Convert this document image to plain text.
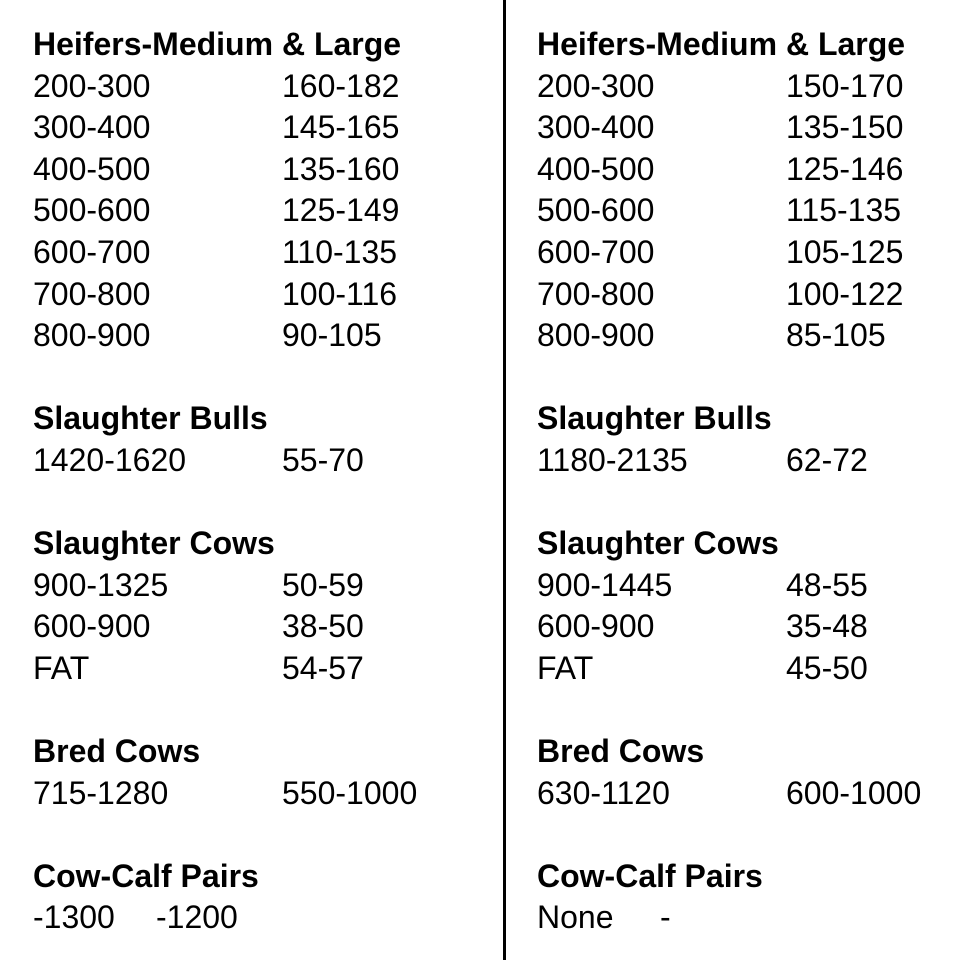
Heifers-Medium & Large
200-300	160-182
300-400	145-165
400-500	135-160
500-600	125-149
600-700	110-135
700-800	100-116
800-900	90-105
Slaughter Bulls
1420-1620	55-70
Slaughter Cows
900-1325	50-59
600-900	38-50
FAT	54-57
Bred Cows
715-1280	550-1000
Cow-Calf Pairs
-1300 -1200
Heifers-Medium & Large
200-300	150-170
300-400	135-150
400-500	125-146
500-600	115-135
600-700	105-125
700-800	100-122
800-900	85-105
Slaughter Bulls
1180-2135	62-72
Slaughter Cows
900-1445	48-55
600-900	35-48
FAT	45-50
Bred Cows
630-1120	600-1000
Cow-Calf Pairs
None -
